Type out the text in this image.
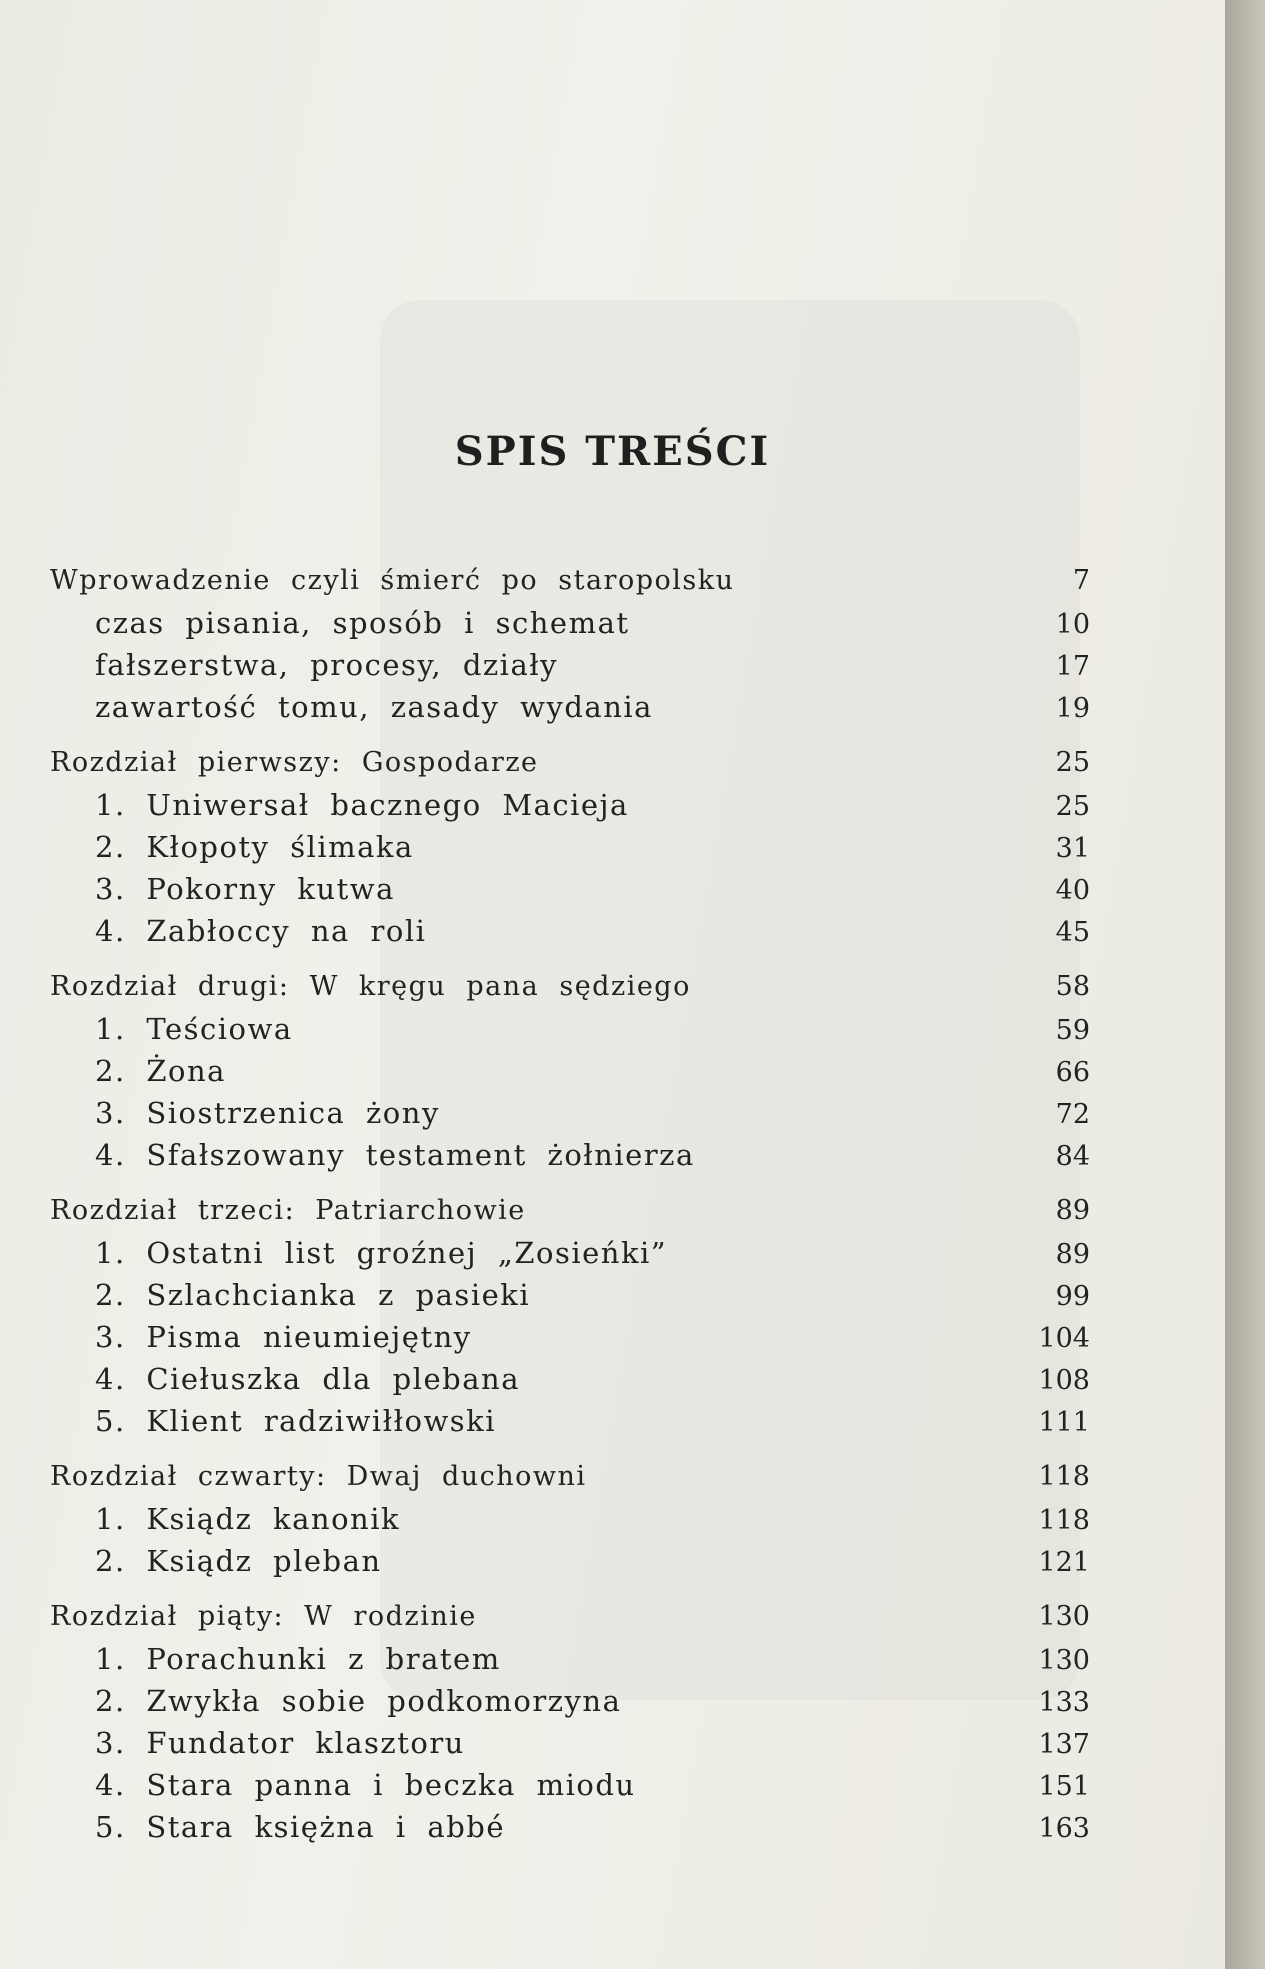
SPIS TREŚCI
Wprowadzenie czyli śmierć po staropolsku	7
czas pisania, sposób i schemat	10
fałszerstwa, procesy, działy	17
zawartość tomu, zasady wydania	19
Rozdział pierwszy: Gospodarze	25
1. Uniwersał bacznego Macieja	25
2. Kłopoty ślimaka	31
3. Pokorny kutwa	40
4. Zabłoccy na roli	45
Rozdział drugi: W kręgu pana sędziego	58
1. Teściowa	59
2. Żona	66
3. Siostrzenica żony	72
4. Sfałszowany testament żołnierza	84
Rozdział trzeci: Patriarchowie	89
1. Ostatni list groźnej „Zosieńki”	89
2. Szlachcianka z pasieki	99
3. Pisma nieumiejętny	104
4. Ciełuszka dla plebana	108
5. Klient radziwiłłowski	111
Rozdział czwarty: Dwaj duchowni	118
1. Ksiądz kanonik	118
2. Ksiądz pleban	121
Rozdział piąty: W rodzinie	130
1. Porachunki z bratem	130
2. Zwykła sobie podkomorzyna	133
3. Fundator klasztoru	137
4. Stara panna i beczka miodu	151
5. Stara księżna i abbé	163
